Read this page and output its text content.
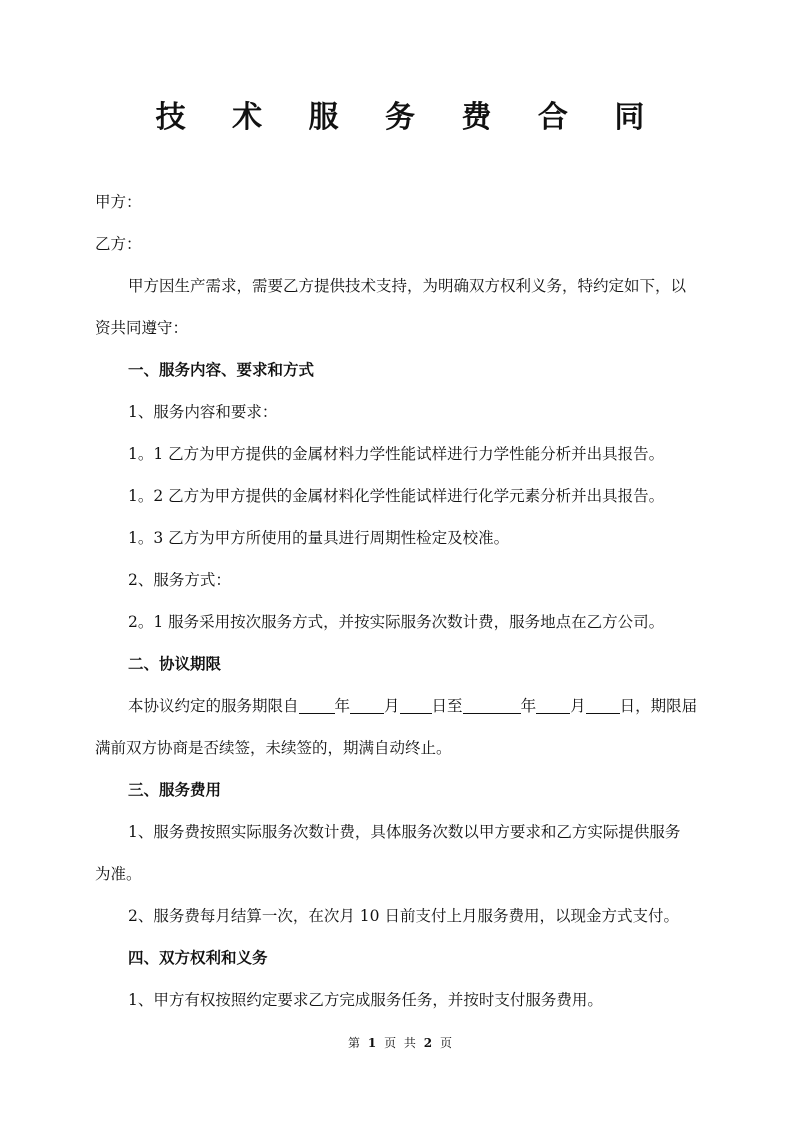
技 术 服 务 费 合 同
甲方：
乙方：
甲方因生产需求，需要乙方提供技术支持，为明确双方权利义务，特约定如下，以
资共同遵守：
一、服务内容、要求和方式
1、服务内容和要求：
1。1 乙方为甲方提供的金属材料力学性能试样进行力学性能分析并出具报告。
1。2 乙方为甲方提供的金属材料化学性能试样进行化学元素分析并出具报告。
1。3 乙方为甲方所使用的量具进行周期性检定及校准。
2、服务方式：
2。1 服务采用按次服务方式，并按实际服务次数计费，服务地点在乙方公司。
二、协议期限
本协议约定的服务期限自 年 月 日至	年 月 日，期限届
满前双方协商是否续签，未续签的，期满自动终止。
三、服务费用
1、服务费按照实际服务次数计费，具体服务次数以甲方要求和乙方实际提供服务
为准。
2、服务费每月结算一次，在次月 10 日前支付上月服务费用，以现金方式支付。
四、双方权利和义务
1、甲方有权按照约定要求乙方完成服务任务，并按时支付服务费用。
第 1 页 共 2 页
